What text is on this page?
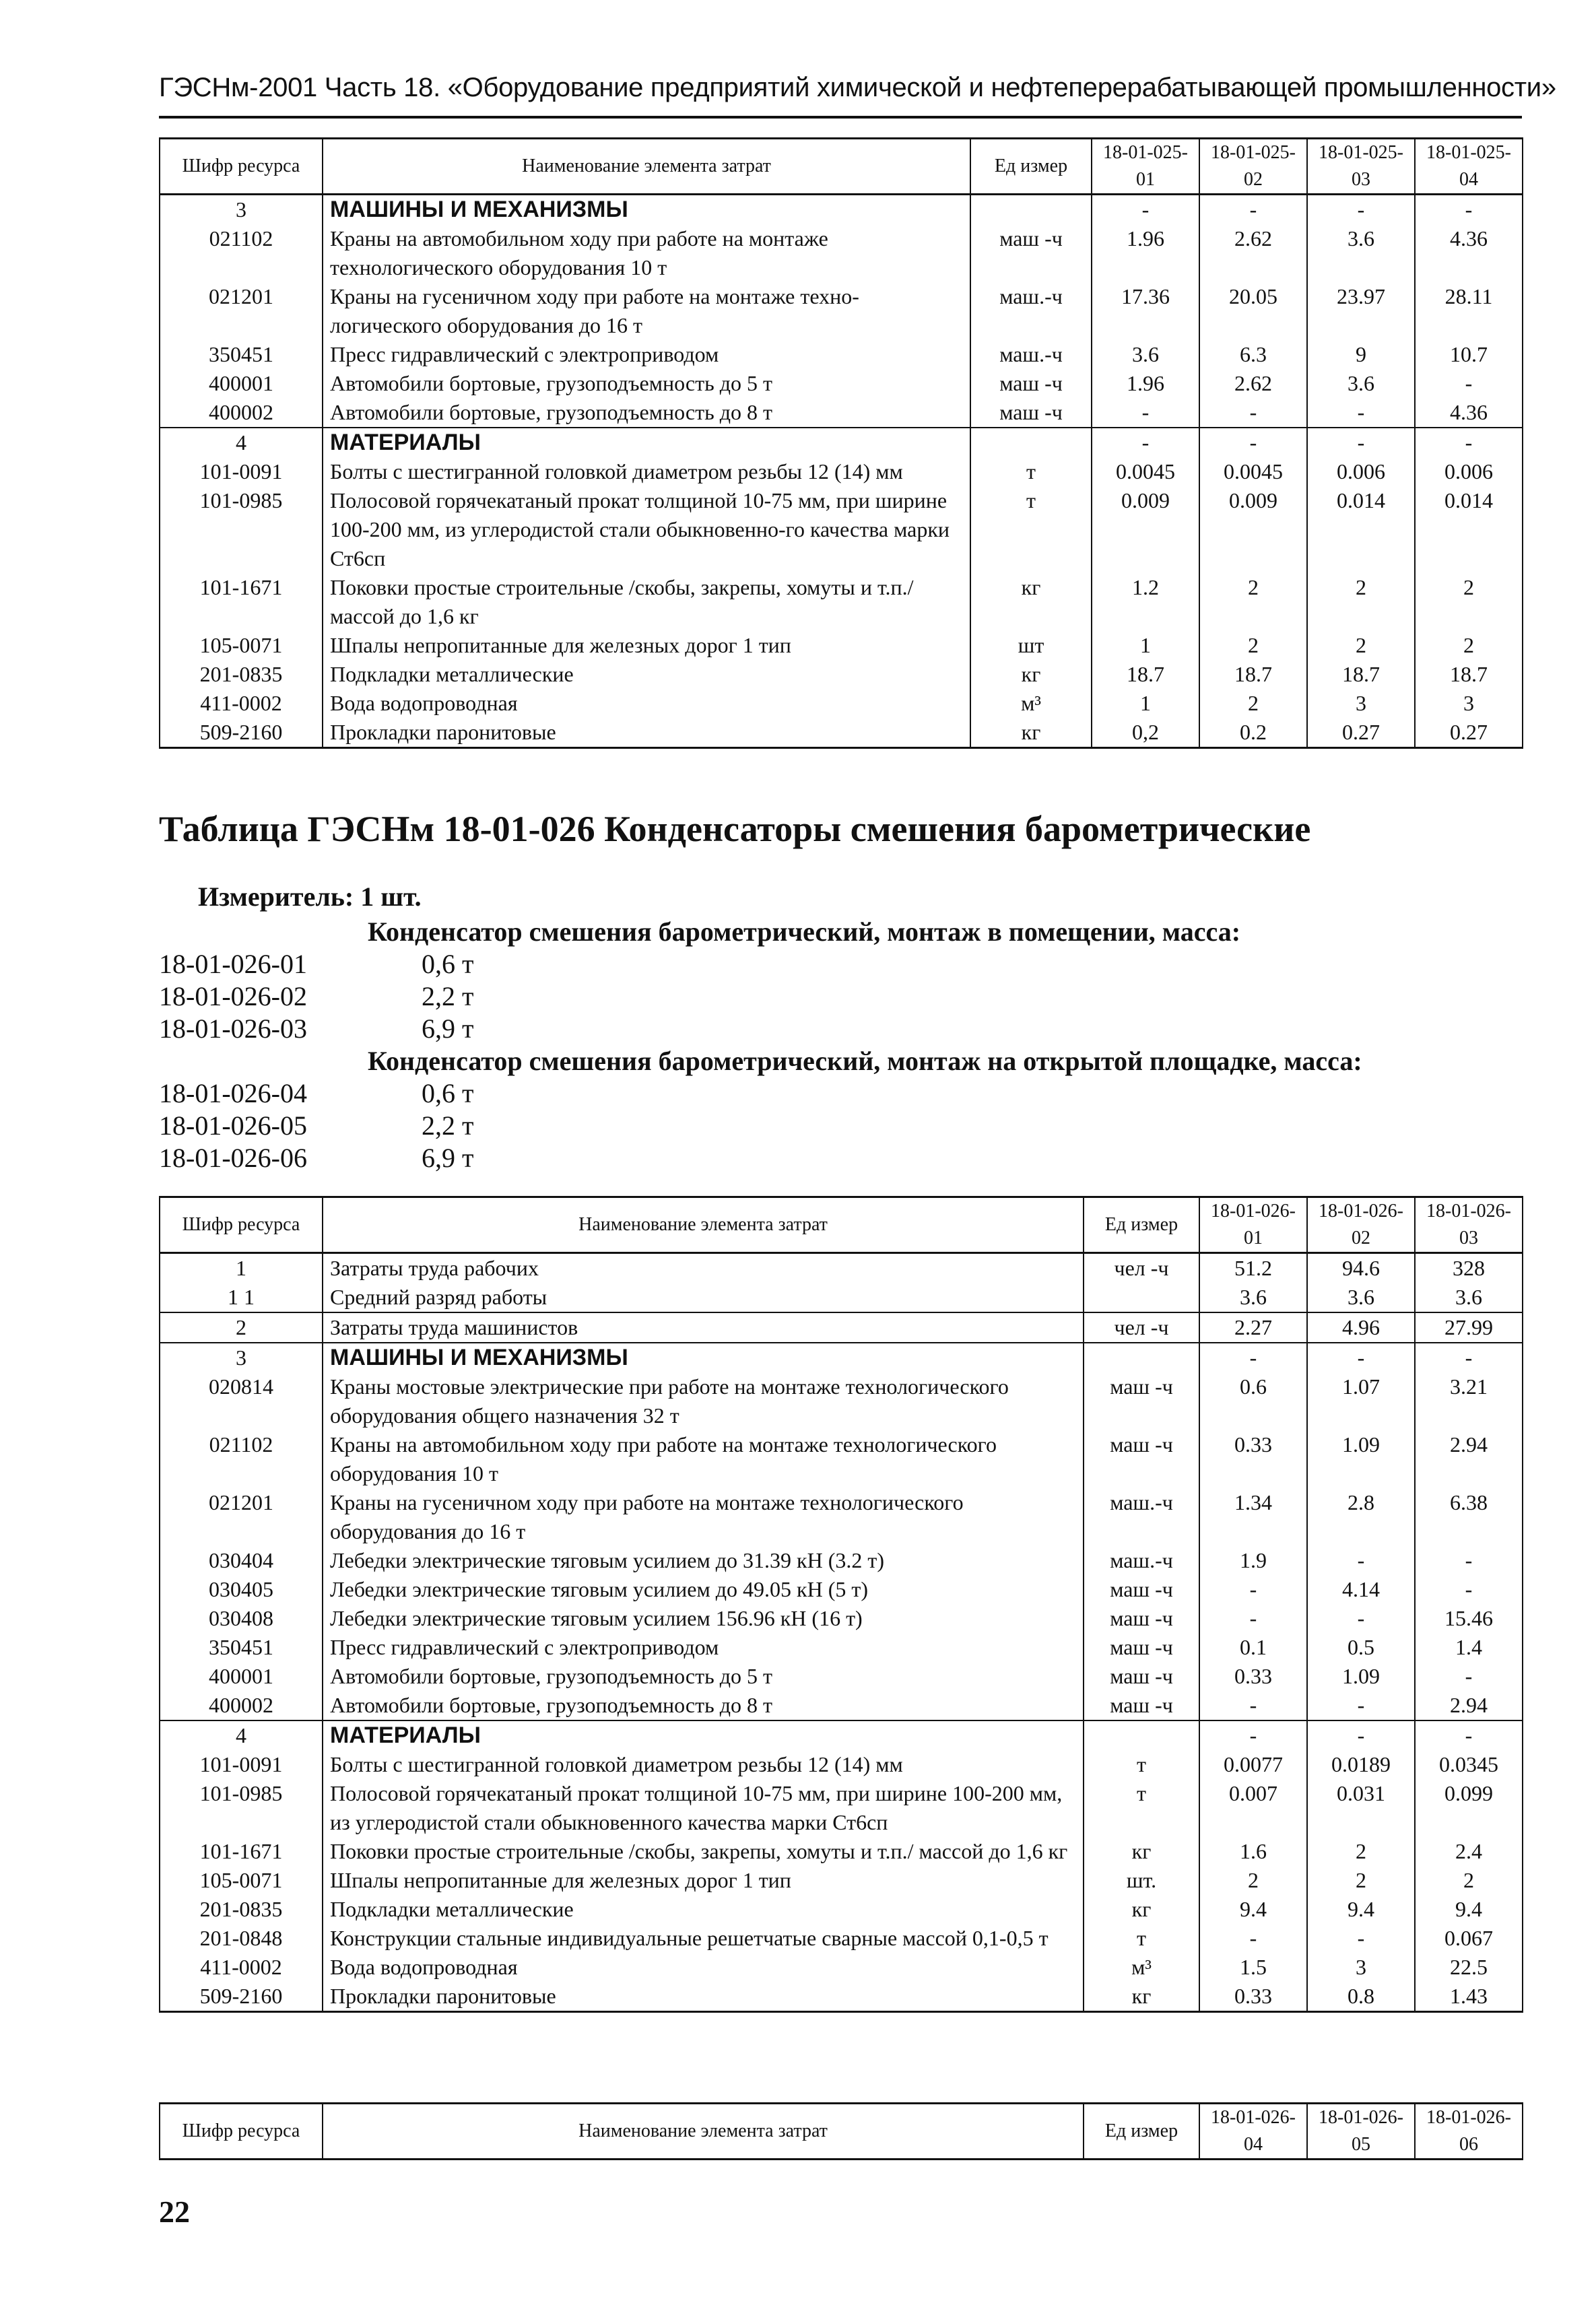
ГЭСНм-2001 Часть 18. «Оборудование предприятий химической и нефтеперерабатывающей промышленности»
Шифр ресурса	Наименование элемента затрат	Ед измер	18-01-025-01	18-01-025-02	18-01-025-03	18-01-025-04
3	МАШИНЫ И МЕХАНИЗМЫ		-	-	-	-
021102	Краны на автомобильном ходу при работе на монтаже технологического оборудования 10 т	маш -ч	1.96	2.62	3.6	4.36
021201	Краны на гусеничном ходу при работе на монтаже техно-логического оборудования до 16 т	маш.-ч	17.36	20.05	23.97	28.11
350451	Пресс гидравлический с электроприводом	маш.-ч	3.6	6.3	9	10.7
400001	Автомобили бортовые, грузоподъемность до 5 т	маш -ч	1.96	2.62	3.6	-
400002	Автомобили бортовые, грузоподъемность до 8 т	маш -ч	-	-	-	4.36
4	МАТЕРИАЛЫ		-	-	-	-
101-0091	Болты с шестигранной головкой диаметром резьбы 12 (14) мм	т	0.0045	0.0045	0.006	0.006
101-0985	Полосовой горячекатаный прокат толщиной 10-75 мм, при ширине 100-200 мм, из углеродистой стали обыкновенно-го качества марки Ст6сп	т	0.009	0.009	0.014	0.014
101-1671	Поковки простые строительные /скобы, закрепы, хомуты и т.п./ массой до 1,6 кг	кг	1.2	2	2	2
105-0071	Шпалы непропитанные для железных дорог 1 тип	шт	1	2	2	2
201-0835	Подкладки металлические	кг	18.7	18.7	18.7	18.7
411-0002	Вода водопроводная	м³	1	2	3	3
509-2160	Прокладки паронитовые	кг	0,2	0.2	0.27	0.27
Таблица ГЭСНм 18-01-026 Конденсаторы смешения барометрические
Измеритель: 1 шт.
Конденсатор смешения барометрический, монтаж в помещении, масса:
18-01-026-01	0,6 т
18-01-026-02	2,2 т
18-01-026-03	6,9 т
Конденсатор смешения барометрический, монтаж на открытой площадке, масса:
18-01-026-04	0,6 т
18-01-026-05	2,2 т
18-01-026-06	6,9 т
Шифр ресурса	Наименование элемента затрат	Ед измер	18-01-026-01	18-01-026-02	18-01-026-03
1	Затраты труда рабочих	чел -ч	51.2	94.6	328
1 1	Средний разряд работы		3.6	3.6	3.6
2	Затраты труда машинистов	чел -ч	2.27	4.96	27.99
3	МАШИНЫ И МЕХАНИЗМЫ		-	-	-
020814	Краны мостовые электрические при работе на монтаже технологического оборудования общего назначения 32 т	маш -ч	0.6	1.07	3.21
021102	Краны на автомобильном ходу при работе на монтаже технологического оборудования 10 т	маш -ч	0.33	1.09	2.94
021201	Краны на гусеничном ходу при работе на монтаже технологического оборудования до 16 т	маш.-ч	1.34	2.8	6.38
030404	Лебедки электрические тяговым усилием до 31.39 кН (3.2 т)	маш.-ч	1.9	-	-
030405	Лебедки электрические тяговым усилием до 49.05 кН (5 т)	маш -ч	-	4.14	-
030408	Лебедки электрические тяговым усилием 156.96 кН (16 т)	маш -ч	-	-	15.46
350451	Пресс гидравлический с электроприводом	маш -ч	0.1	0.5	1.4
400001	Автомобили бортовые, грузоподъемность до 5 т	маш -ч	0.33	1.09	-
400002	Автомобили бортовые, грузоподъемность до 8 т	маш -ч	-	-	2.94
4	МАТЕРИАЛЫ		-	-	-
101-0091	Болты с шестигранной головкой диаметром резьбы 12 (14) мм	т	0.0077	0.0189	0.0345
101-0985	Полосовой горячекатаный прокат толщиной 10-75 мм, при ширине 100-200 мм, из углеродистой стали обыкновенного качества марки Ст6сп	т	0.007	0.031	0.099
101-1671	Поковки простые строительные /скобы, закрепы, хомуты и т.п./ массой до 1,6 кг	кг	1.6	2	2.4
105-0071	Шпалы непропитанные для железных дорог 1 тип	шт.	2	2	2
201-0835	Подкладки металлические	кг	9.4	9.4	9.4
201-0848	Конструкции стальные индивидуальные решетчатые сварные массой 0,1-0,5 т	т	-	-	0.067
411-0002	Вода водопроводная	м³	1.5	3	22.5
509-2160	Прокладки паронитовые	кг	0.33	0.8	1.43
Шифр ресурса	Наименование элемента затрат	Ед измер	18-01-026-04	18-01-026-05	18-01-026-06
22
